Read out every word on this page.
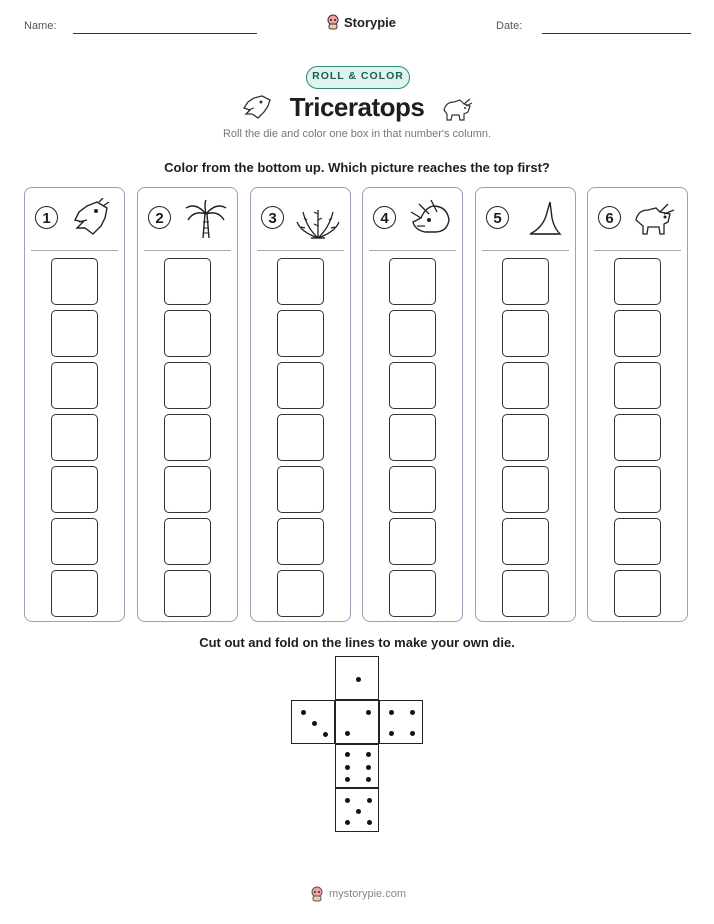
Name:	Storypie	Date:
ROLL & COLOR
Triceratops
Roll the die and color one box in that number's column.
Color from the bottom up. Which picture reaches the top first?
1	2	3	4	5	6
Cut out and fold on the lines to make your own die.
mystorypie.com
